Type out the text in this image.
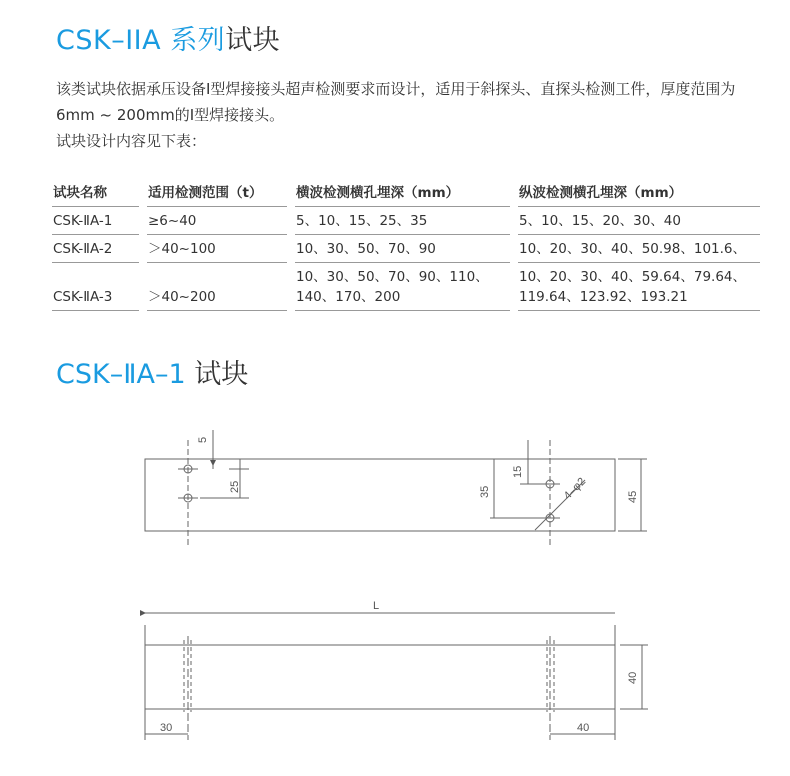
CSK–IIA 系列试块

该类试块依据承压设备I型焊接接头超声检测要求而设计，适用于斜探头、直探头检测工件，厚度范围为6mm ~ 200mm的Ⅰ型焊接接头。

试块设计内容见下表：

试块名称		适用检测范围（t）		横波检测横孔埋深（mm）		纵波检测横孔埋深（mm）
CSK-ⅡA-1		≥6~40		5、10、15、25、35		5、10、15、20、30、40
CSK-ⅡA-2		＞40~100		10、30、50、70、90		10、20、30、40、50.98、101.6、
CSK-ⅡA-3		＞40~200		10、30、50、70、90、110、
140、170、200		10、20、30、40、59.64、79.64、
119.64、123.92、193.21
CSK–ⅡA–1 试块
5
25	35
15
4–φ2	45
L
40
30	40
